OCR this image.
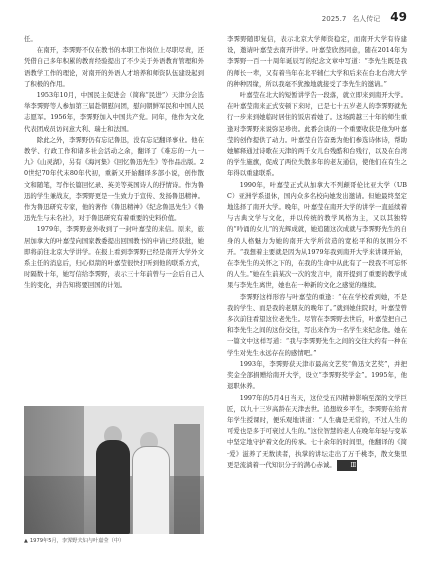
2025.7 名人传记 49

任。

在南开，李霁野不仅在教书的本职工作岗位上尽职尽责，还凭借自己多年积累的教育经验提出了不少关于外语教育管理和外语教学工作的理论，对南开的外语人才培养和师资队伍建设起到了积极的作用。

1953年10月，中国民主促进会（简称“民进”）天津分会选举李霁野等人参加第三届赴朝慰问团，慰问朝鲜军民和中国人民志愿军。1956年，李霁野加入中国共产党。同年，他作为文化代表团成员访问意大利、瑞士和法国。

除此之外，李霁野仍有忘记鲁迅，没有忘记翻译事业。他在教学、行政工作和诸多社会活动之余，翻译了《难忘的一九一九》《山灵湖》，另有《海河集》《回忆鲁迅先生》等作品出版。20世纪70年代末80年代初，重新又开始翻译多部小说，创作散文和随笔，写作长篇回忆录、英美等英国诗人的抒情诗。作为鲁迅的学生兼战友，李霁野更是一生致力于宣传、发扬鲁迅精神。作为鲁迅研究专家，他的著作《鲁迅精神》《纪念鲁迅先生》《鲁迅先生与未名社》，对于鲁迅研究有着重要的史料价值。

1979年，李霁野意外收到了一封叶嘉莹的来信。原来，旅居加拿大的叶嘉莹向国家教委提出回国教书的申请已经获批，她即将前往北京大学讲学。在报上看到李霁野已经是南开大学外文系主任的消息后，归心似箭的叶嘉莹很快打听到他的联系方式，时隔数十年，她写信给李霁野，表示三十年前曾与一会后自己人生的变化，并告知将要回国的计划。

▲ 1979年5月，李霁野夫妇与叶嘉莹（中）

李霁野随即复信，表示北京大学师资稳定，而南开大学有待建设，邀请叶嘉莹去南开讲学。叶嘉莹欣然同意，随在2014年为李霁野一百一十周年诞辰写的纪念文章中写道：“李先生既是我的师长一辈，又有着当年在北平辅仁大学和后来在台北台湾大学的种种因缘，所以我毫不犹豫地就接受了李先生的邀请。”

叶嘉莹在北大的短暂讲学告一段落，就立即来到南开大学。在叶嘉莹南来正式安顿下来时，已是七十五岁老人的李霁野就先行一步来到她临时居住的饭店看她了。这场跨越三十年的师生重逢对李霁野来说弥足珍贵。此番会谈的一个重要收获是他为叶嘉莹的创作提供了动力。叶嘉莹自告奋勇为他们参选诗体诗，帮助她解释通过诗歌在天津的两千女儿台残酷和台残行，以及在台湾的学生施旗，促成了两位失散多年的老友通信，使他们在有生之年得以重建联系。

1990年，叶嘉莹正式从加拿大不列颠哥伦比亚大学（UBC）亚洲学系退休，国内众多名校向她发出邀请。但她最终坚定地选择了南开大学。晚年，叶嘉莹在南开大学的讲学一直延续着与古典文学与文化，并以传统的教学风格为主，又以其独特的“吟诵的女儿”的光辉成就，她追随这次成就与李霁野先生的自身的人格魅力为她的南开大学所营造的宽松平和的氛围分不开。“我想着主要就是因为从1979年我到南开大学来讲课开始，在李先生的关怀之下的，在我的生命中从此有了一段我不可忘怀的人生。”她在生前某次一次的发言中，南开提到了重要的教学成果与李先生离世，她也在一种新的文化之感觉的继续。

李霁野这样形容与叶嘉莹的重逢：“在在学校看到她，不是我的学生、而是我的老朋友的晚年了。”就到她住院时，叶嘉莹曾多次前往看望这位老先生。尽管在李霁野去世后，叶嘉莹把自己和李先生之间的这份交往，写出来作为一名学生来纪念他。她在一篇文中这样写道：“我与李霁野先生之间的交往大约有一种在学生对先生永远存在的感情吧。”

1993年，李霁野获天津市最高文艺奖“鲁迅文艺奖”，并把奖金全部捐赠给南开大学，设立“李霁野奖学金”。1995年，他退职休养。

1997年的5月4日当天，这位受五四精神影响至深的文学巨匠，以九十三岁高龄在天津去世。追想故乡平生，李霁野在给青年学生授课时，便乐观地讲道：“人生确是无常的，不过人生的可爱也是多于可衰过人生的。”这位智慧的老人在晚年年轻与变革中坚定地守护着文化的传承。七十余年的时间里，他翻译的《简·爱》滋养了无数读者，执掌的讲坛走出了万千桃李，散文集里更是流淌着一代知识分子的满心赤诚。 Ⅲ
